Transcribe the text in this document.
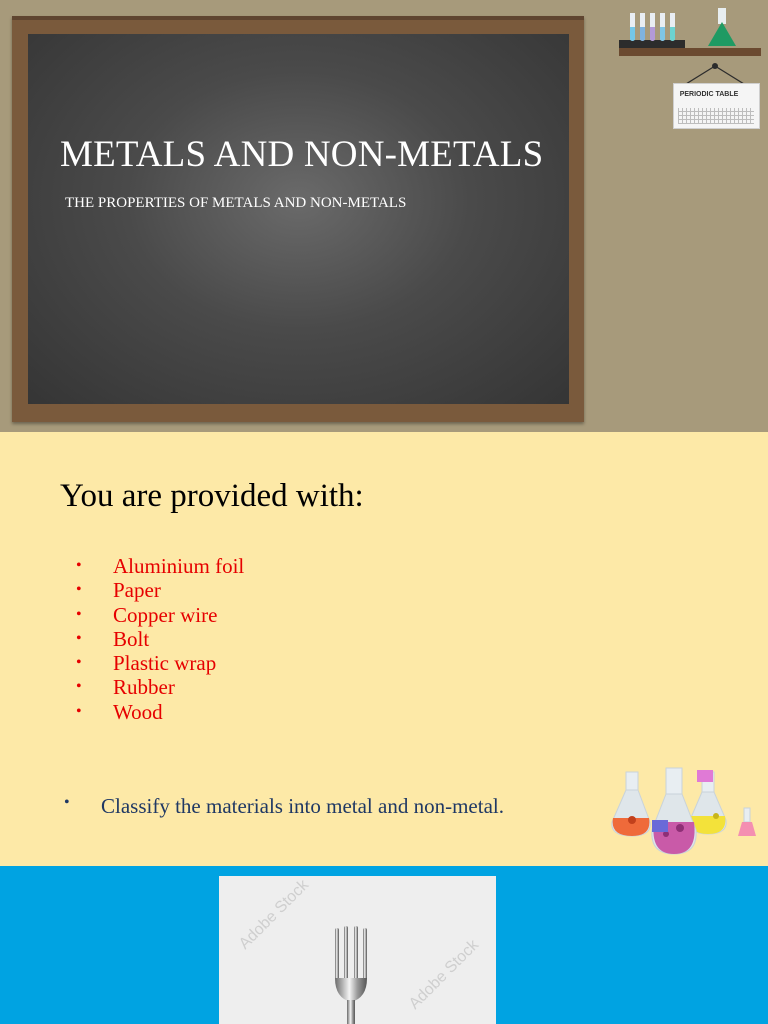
METALS AND NON-METALS
THE PROPERTIES OF METALS AND NON-METALS
PERIODIC TABLE
You are provided with:
• Aluminium foil
• Paper
• Copper wire
• Bolt
• Plastic wrap
• Rubber
• Wood
• Classify the materials into metal and non-metal.
Adobe Stock
Adobe Stock
